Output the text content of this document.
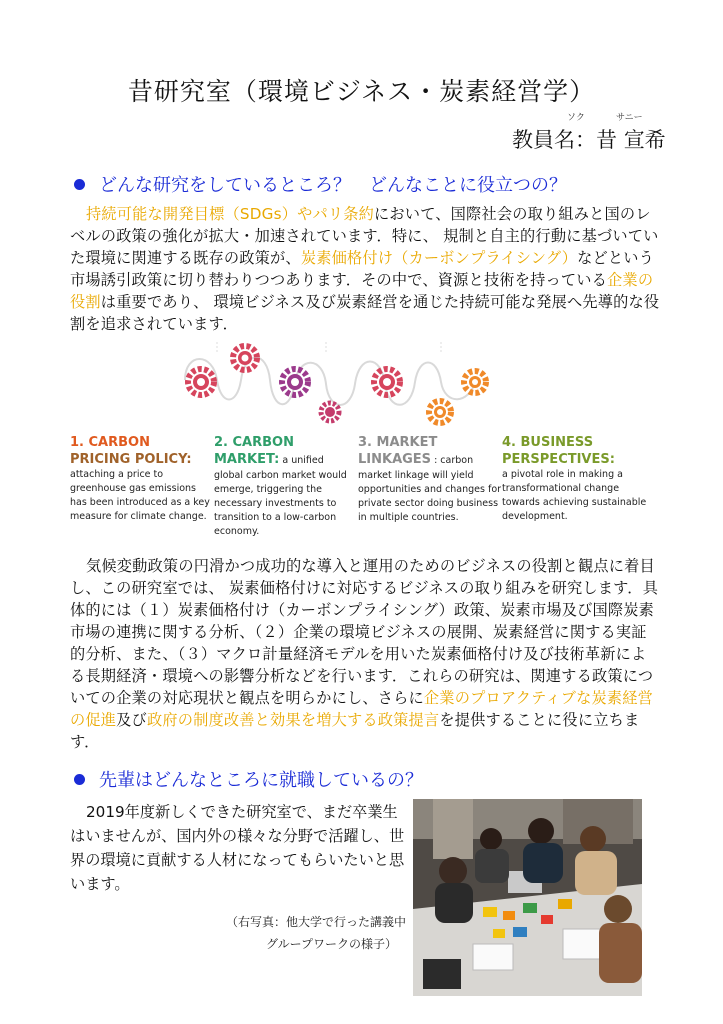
昔研究室（環境ビジネス・炭素経営学）
ソク	サニー
教員名：昔 宣希
どんな研究をしているところ？　どんなことに役立つの？
持続可能な開発目標（SDGs）やパリ条約において、国際社会の取り組みと国のレベルの政策の強化が拡大・加速されています．特に、 規制と自主的行動に基づいていた環境に関連する既存の政策が、炭素価格付け（カーボンプライシング）などという市場誘引政策に切り替わりつつあります．その中で、資源と技術を持っている企業の役割は重要であり、 環境ビジネス及び炭素経営を通じた持続可能な発展へ先導的な役割を追求されています．
1. CARBON
PRICING POLICY:
attaching a price to greenhouse gas emissions has been introduced as a key measure for climate change.
2. CARBON
MARKET: a unified
global carbon market would emerge, triggering the necessary investments to transition to a low-carbon economy.
3. MARKET
LINKAGES : carbon
market linkage will yield opportunities and changes for private sector doing business in multiple countries.
4. BUSINESS
PERSPECTIVES:
a pivotal role in making a transformational change towards achieving sustainable development.
気候変動政策の円滑かつ成功的な導入と運用のためのビジネスの役割と観点に着目し、この研究室では、 炭素価格付けに対応するビジネスの取り組みを研究します．具体的には（１）炭素価格付け（カーボンプライシング）政策、炭素市場及び国際炭素市場の連携に関する分析、（２）企業の環境ビジネスの展開、炭素経営に関する実証的分析、また、（３）マクロ計量経済モデルを用いた炭素価格付け及び技術革新による長期経済・環境への影響分析などを行います．これらの研究は、関連する政策についての企業の対応現状と観点を明らかにし、さらに企業のプロアクティブな炭素経営の促進及び政府の制度改善と効果を増大する政策提言を提供することに役に立ちます．
先輩はどんなところに就職しているの？
2019年度新しくできた研究室で、まだ卒業生はいませんが、国内外の様々な分野で活躍し、世界の環境に貢献する人材になってもらいたいと思います。
（右写真：他大学で行った講義中
グループワークの様子）
